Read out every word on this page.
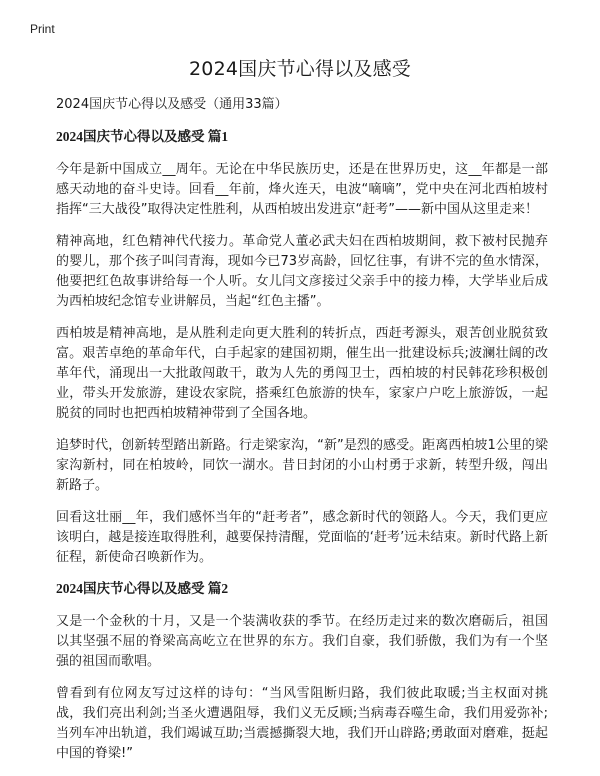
Print
2024国庆节心得以及感受

2024国庆节心得以及感受（通用33篇）

2024国庆节心得以及感受 篇1

今年是新中国成立__周年。无论在中华民族历史，还是在世界历史，这__年都是一部感天动地的奋斗史诗。回看__年前，烽火连天，电波“嘀嘀”，党中央在河北西柏坡村指挥“三大战役”取得决定性胜利，从西柏坡出发进京“赶考”——新中国从这里走来！

精神高地，红色精神代代接力。革命党人董必武夫妇在西柏坡期间，救下被村民抛弃的婴儿，那个孩子叫闫青海，现如今已73岁高龄，回忆往事，有讲不完的鱼水情深，他要把红色故事讲给每一个人听。女儿闫文彦接过父亲手中的接力棒，大学毕业后成为西柏坡纪念馆专业讲解员，当起“红色主播”。

西柏坡是精神高地，是从胜利走向更大胜利的转折点，西赶考源头，艰苦创业脱贫致富。艰苦卓绝的革命年代，白手起家的建国初期，催生出一批建设标兵;波澜壮阔的改革年代，涌现出一大批敢闯敢干，敢为人先的勇闯卫士，西柏坡的村民韩花珍积极创业，带头开发旅游，建设农家院，搭乘红色旅游的快车，家家户户吃上旅游饭，一起脱贫的同时也把西柏坡精神带到了全国各地。

追梦时代，创新转型踏出新路。行走梁家沟，“新”是烈的感受。距离西柏坡1公里的梁家沟新村，同在柏坡岭，同饮一湖水。昔日封闭的小山村勇于求新，转型升级，闯出新路子。

回看这壮丽__年，我们感怀当年的“赶考者”，感念新时代的领路人。今天，我们更应该明白，越是接连取得胜利，越要保持清醒，党面临的‘赶考’远未结束。新时代路上新征程，新使命召唤新作为。

2024国庆节心得以及感受 篇2

又是一个金秋的十月，又是一个装满收获的季节。在经历走过来的数次磨砺后，祖国以其坚强不屈的脊梁高高屹立在世界的东方。我们自豪，我们骄傲，我们为有一个坚强的祖国而歌唱。

曾看到有位网友写过这样的诗句：“当风雪阻断归路，我们彼此取暖;当主权面对挑战，我们亮出利剑;当圣火遭遇阻辱，我们义无反顾;当病毒吞噬生命，我们用爱弥补;当列车冲出轨道，我们竭诚互助;当震撼撕裂大地，我们开山辟路;勇敢面对磨难，挺起中国的脊梁!”
